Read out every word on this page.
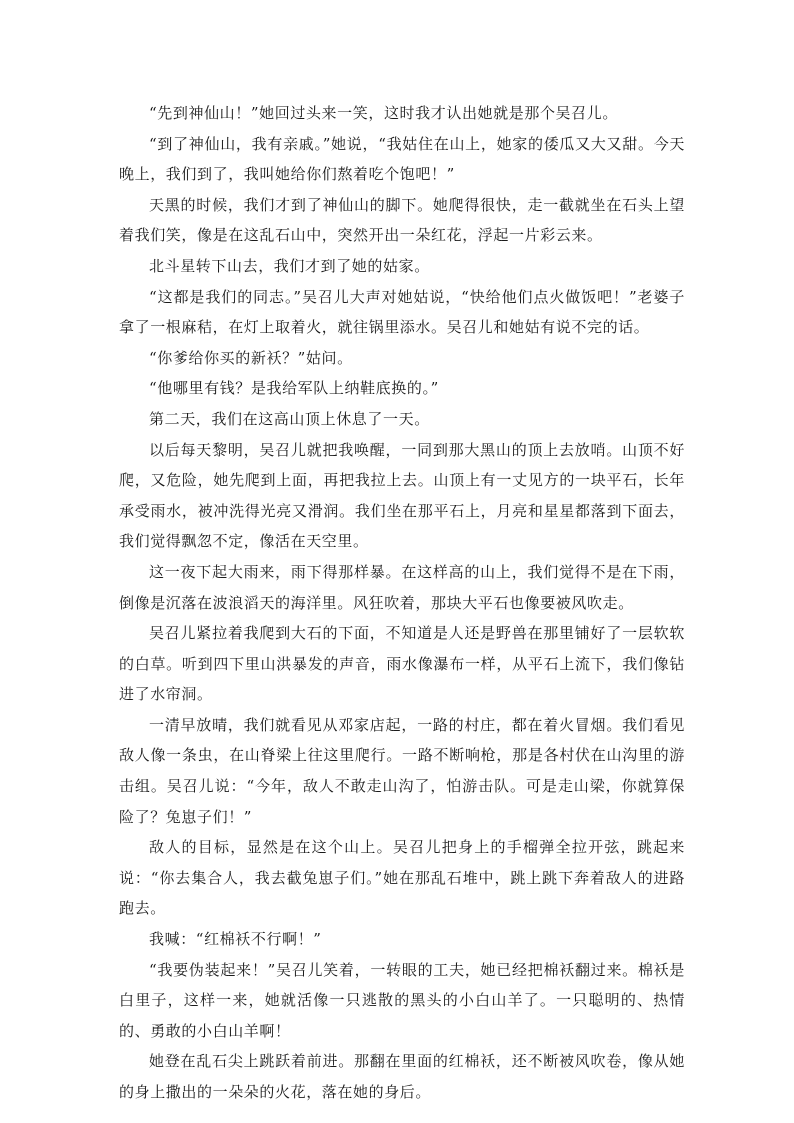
“先到神仙山！”她回过头来一笑，这时我才认出她就是那个吴召儿。

“到了神仙山，我有亲戚。”她说，“我姑住在山上，她家的倭瓜又大又甜。今天晚上，我们到了，我叫她给你们熬着吃个饱吧！”

天黑的时候，我们才到了神仙山的脚下。她爬得很快，走一截就坐在石头上望着我们笑，像是在这乱石山中，突然开出一朵红花，浮起一片彩云来。

北斗星转下山去，我们才到了她的姑家。

“这都是我们的同志。”吴召儿大声对她姑说，“快给他们点火做饭吧！”老婆子拿了一根麻秸，在灯上取着火，就往锅里添水。吴召儿和她姑有说不完的话。

“你爹给你买的新袄？”姑问。

“他哪里有钱？是我给军队上纳鞋底换的。”

第二天，我们在这高山顶上休息了一天。

以后每天黎明，吴召儿就把我唤醒，一同到那大黑山的顶上去放哨。山顶不好爬，又危险，她先爬到上面，再把我拉上去。山顶上有一丈见方的一块平石，长年承受雨水，被冲洗得光亮又滑润。我们坐在那平石上，月亮和星星都落到下面去，我们觉得飘忽不定，像活在天空里。

这一夜下起大雨来，雨下得那样暴。在这样高的山上，我们觉得不是在下雨，倒像是沉落在波浪滔天的海洋里。风狂吹着，那块大平石也像要被风吹走。

吴召儿紧拉着我爬到大石的下面，不知道是人还是野兽在那里铺好了一层软软的白草。听到四下里山洪暴发的声音，雨水像瀑布一样，从平石上流下，我们像钻进了水帘洞。

一清早放晴，我们就看见从邓家店起，一路的村庄，都在着火冒烟。我们看见敌人像一条虫，在山脊梁上往这里爬行。一路不断响枪，那是各村伏在山沟里的游击组。吴召儿说：“今年，敌人不敢走山沟了，怕游击队。可是走山梁，你就算保险了？兔崽子们！”

敌人的目标，显然是在这个山上。吴召儿把身上的手榴弹全拉开弦，跳起来说：“你去集合人，我去截兔崽子们。”她在那乱石堆中，跳上跳下奔着敌人的进路跑去。

我喊：“红棉袄不行啊！”

“我要伪装起来！”吴召儿笑着，一转眼的工夫，她已经把棉袄翻过来。棉袄是白里子，这样一来，她就活像一只逃散的黑头的小白山羊了。一只聪明的、热情的、勇敢的小白山羊啊！

她登在乱石尖上跳跃着前进。那翻在里面的红棉袄，还不断被风吹卷，像从她的身上撒出的一朵朵的火花，落在她的身后。
